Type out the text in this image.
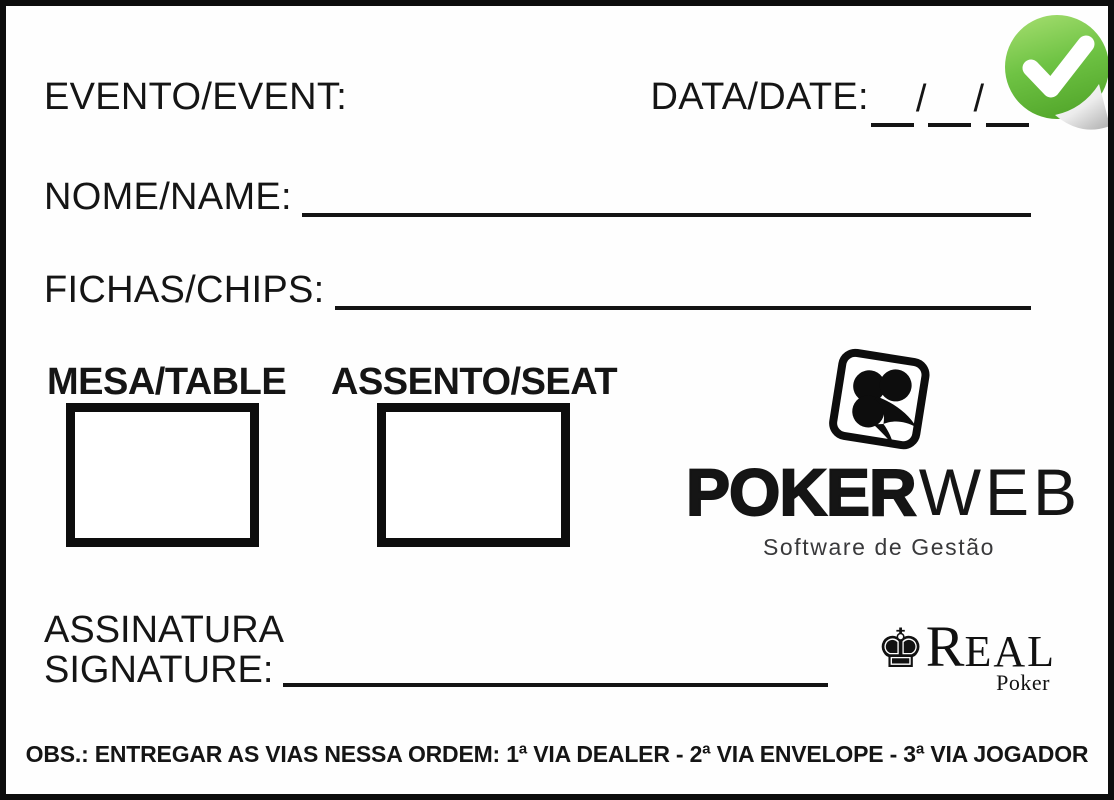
EVENTO/EVENT:	DATA/DATE: / /
NOME/NAME:
FICHAS/CHIPS:
MESA/TABLE ASSENTO/SEAT
POKERWEB
Software de Gestão
ASSINATURA
SIGNATURE:	♚ REAL
Poker
OBS.: ENTREGAR AS VIAS NESSA ORDEM: 1ª VIA DEALER - 2ª VIA ENVELOPE - 3ª VIA JOGADOR
